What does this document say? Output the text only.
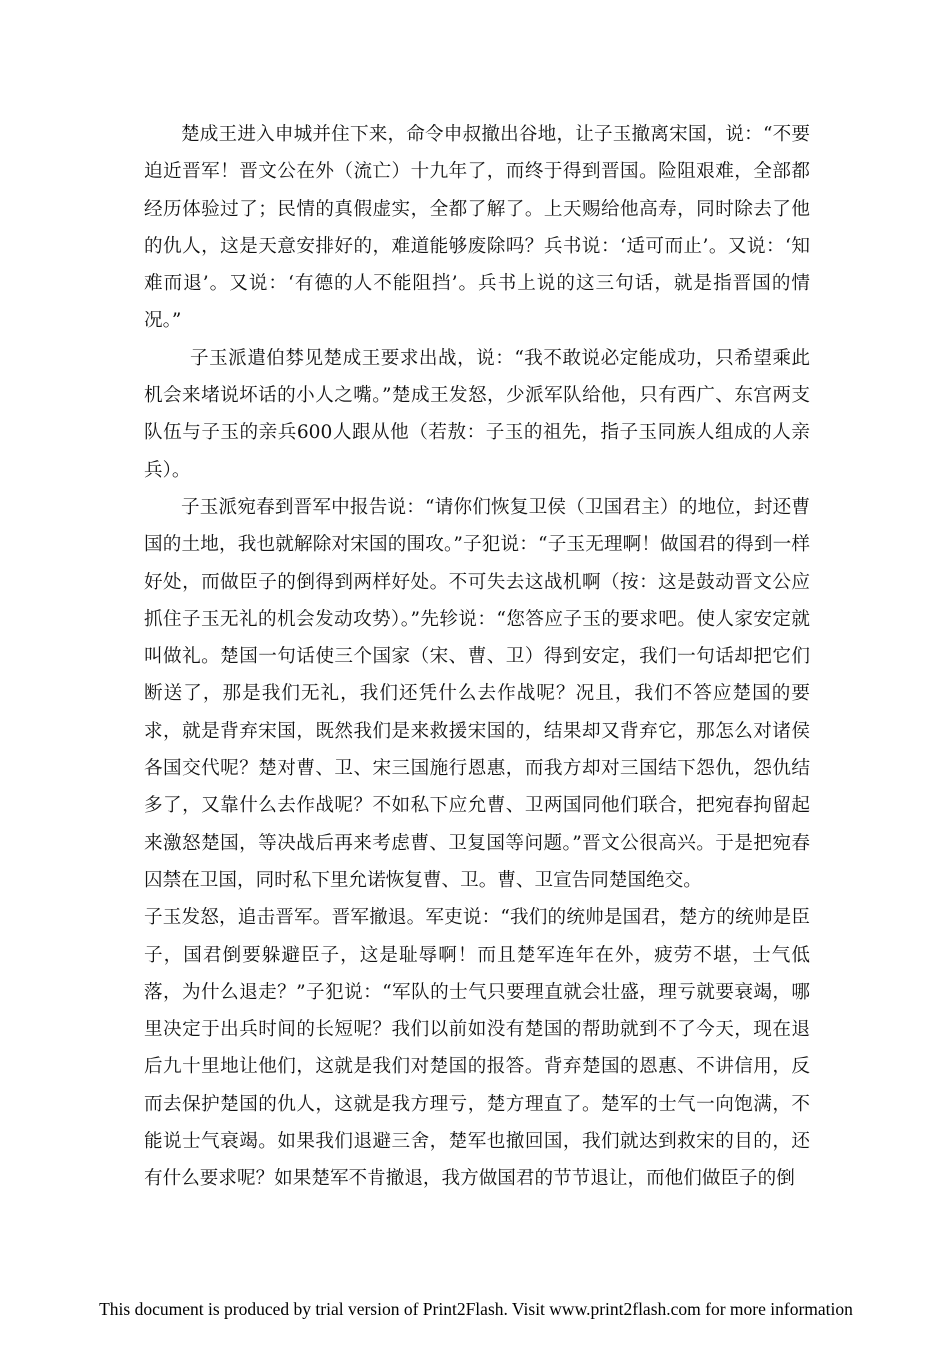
楚成王进入申城并住下来，命令申叔撤出谷地，让子玉撤离宋国，说：“不要迫近晋军！晋文公在外（流亡）十九年了，而终于得到晋国。险阻艰难，全部都经历体验过了；民情的真假虚实，全都了解了。上天赐给他高寿，同时除去了他的仇人，这是天意安排好的，难道能够废除吗？兵书说：‘适可而止’。又说：‘知难而退’。又说：‘有德的人不能阻挡’。兵书上说的这三句话，就是指晋国的情况。”

子玉派遣伯棼见楚成王要求出战，说：“我不敢说必定能成功，只希望乘此机会来堵说坏话的小人之嘴。”楚成王发怒，少派军队给他，只有西广、东宫两支队伍与子玉的亲兵600人跟从他（若敖：子玉的祖先，指子玉同族人组成的人亲兵）。

子玉派宛春到晋军中报告说：“请你们恢复卫侯（卫国君主）的地位，封还曹国的土地，我也就解除对宋国的围攻。”子犯说：“子玉无理啊！做国君的得到一样好处，而做臣子的倒得到两样好处。不可失去这战机啊（按：这是鼓动晋文公应抓住子玉无礼的机会发动攻势）。”先轸说：“您答应子玉的要求吧。使人家安定就叫做礼。楚国一句话使三个国家（宋、曹、卫）得到安定，我们一句话却把它们断送了，那是我们无礼，我们还凭什么去作战呢？况且，我们不答应楚国的要求，就是背弃宋国，既然我们是来救援宋国的，结果却又背弃它，那怎么对诸侯各国交代呢？楚对曹、卫、宋三国施行恩惠，而我方却对三国结下怨仇，怨仇结多了，又靠什么去作战呢？不如私下应允曹、卫两国同他们联合，把宛春拘留起来激怒楚国，等决战后再来考虑曹、卫复国等问题。”晋文公很高兴。于是把宛春囚禁在卫国，同时私下里允诺恢复曹、卫。曹、卫宣告同楚国绝交。

子玉发怒，追击晋军。晋军撤退。军吏说：“我们的统帅是国君，楚方的统帅是臣子，国君倒要躲避臣子，这是耻辱啊！而且楚军连年在外，疲劳不堪，士气低落，为什么退走？”子犯说：“军队的士气只要理直就会壮盛，理亏就要衰竭，哪里决定于出兵时间的长短呢？我们以前如没有楚国的帮助就到不了今天，现在退后九十里地让他们，这就是我们对楚国的报答。背弃楚国的恩惠、不讲信用，反而去保护楚国的仇人，这就是我方理亏，楚方理直了。楚军的士气一向饱满，不能说士气衰竭。如果我们退避三舍，楚军也撤回国，我们就达到救宋的目的，还有什么要求呢？如果楚军不肯撤退，我方做国君的节节退让，而他们做臣子的倒

This document is produced by trial version of Print2Flash. Visit www.print2flash.com for more information
